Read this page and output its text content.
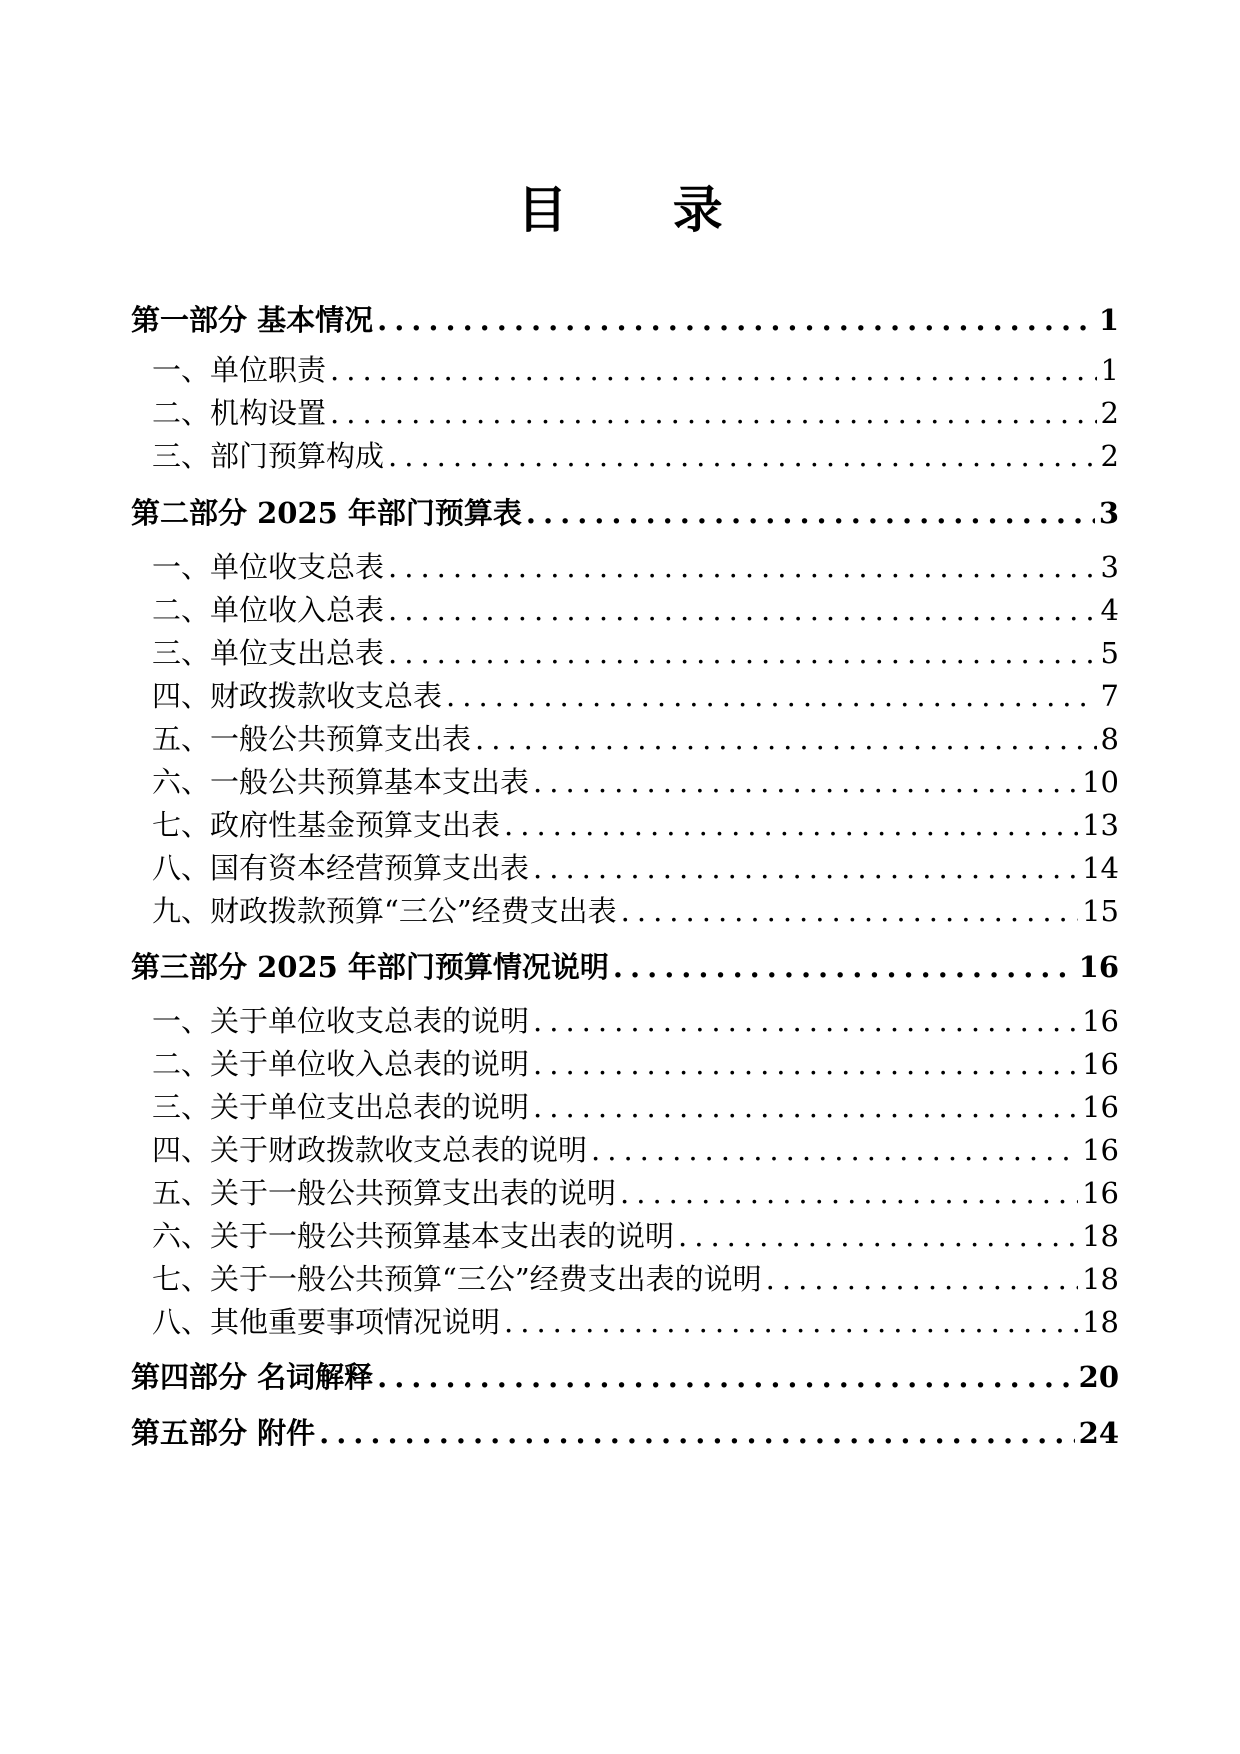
目 录
第一部分 基本情况 .....	1
一、单位职责 .....	1
二、机构设置 .....	2
三、部门预算构成 .....	2
第二部分 2025 年部门预算表 .....	3
一、单位收支总表 .....	3
二、单位收入总表 .....	4
三、单位支出总表 .....	5
四、财政拨款收支总表 .....	7
五、一般公共预算支出表 .....	8
六、一般公共预算基本支出表 .....	10
七、政府性基金预算支出表 .....	13
八、国有资本经营预算支出表 .....	14
九、财政拨款预算“三公”经费支出表 .....	15
第三部分 2025 年部门预算情况说明 .....	16
一、关于单位收支总表的说明 .....	16
二、关于单位收入总表的说明 .....	16
三、关于单位支出总表的说明 .....	16
四、关于财政拨款收支总表的说明 .....	16
五、关于一般公共预算支出表的说明 .....	16
六、关于一般公共预算基本支出表的说明 .....	18
七、关于一般公共预算“三公”经费支出表的说明 .....	18
八、其他重要事项情况说明 .....	18
第四部分 名词解释 .....	20
第五部分 附件 .....	24
